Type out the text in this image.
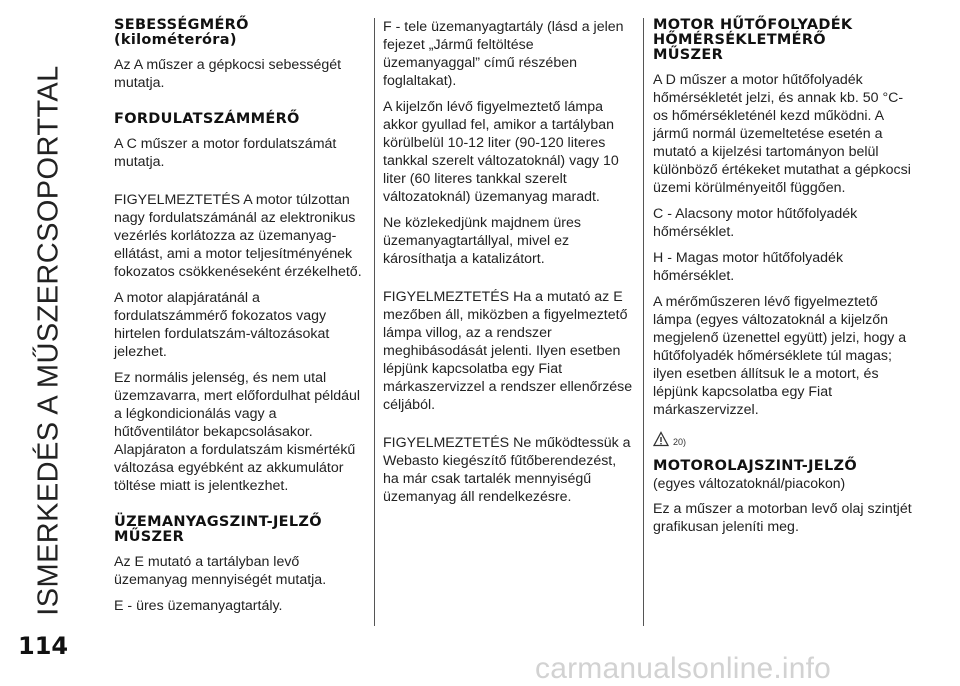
ISMERKEDÉS A MŰSZERCSOPORTTAL
SEBESSÉGMÉRŐ
(kilométeróra)

Az A műszer a gépkocsi sebességét mutatja.

FORDULATSZÁMMÉRŐ

A C műszer a motor fordulatszámát mutatja.

FIGYELMEZTETÉS A motor túlzottan nagy fordulatszámánál az elektronikus vezérlés korlátozza az üzemanyag-ellátást, ami a motor teljesítményének fokozatos csökkenéseként érzékelhető.

A motor alapjáratánál a fordulatszámmérő fokozatos vagy hirtelen fordulatszám-változásokat jelezhet.

Ez normális jelenség, és nem utal üzemzavarra, mert előfordulhat például a légkondicionálás vagy a hűtőventilátor bekapcsolásakor. Alapjáraton a fordulatszám kismértékű változása egyébként az akkumulátor töltése miatt is jelentkezhet.

ÜZEMANYAGSZINT-JELZŐ
MŰSZER

Az E mutató a tartályban levő üzemanyag mennyiségét mutatja.

E - üres üzemanyagtartály.

F - tele üzemanyagtartály (lásd a jelen fejezet „Jármű feltöltése üzemanyaggal” című részében foglaltakat).

A kijelzőn lévő figyelmeztető lámpa akkor gyullad fel, amikor a tartályban körülbelül 10-12 liter (90-120 literes tankkal szerelt változatoknál) vagy 10 liter (60 literes tankkal szerelt változatoknál) üzemanyag maradt.

Ne közlekedjünk majdnem üres üzemanyagtartállyal, mivel ez károsíthatja a katalizátort.

FIGYELMEZTETÉS Ha a mutató az E mezőben áll, miközben a figyelmeztető lámpa villog, az a rendszer meghibásodását jelenti. Ilyen esetben lépjünk kapcsolatba egy Fiat márkaszervizzel a rendszer ellenőrzése céljából.

FIGYELMEZTETÉS Ne működtessük a Webasto kiegészítő fűtőberendezést, ha már csak tartalék mennyiségű üzemanyag áll rendelkezésre.

MOTOR HŰTŐFOLYADÉK
HŐMÉRSÉKLETMÉRŐ
MŰSZER

A D műszer a motor hűtőfolyadék hőmérsékletét jelzi, és annak kb. 50 °C-os hőmérsékleténél kezd működni. A jármű normál üzemeltetése esetén a mutató a kijelzési tartományon belül különböző értékeket mutathat a gépkocsi üzemi körülményeitől függően.

C - Alacsony motor hűtőfolyadék hőmérséklet.

H - Magas motor hűtőfolyadék hőmérséklet.

A mérőműszeren lévő figyelmeztető lámpa (egyes változatoknál a kijelzőn megjelenő üzenettel együtt) jelzi, hogy a hűtőfolyadék hőmérséklete túl magas; ilyen esetben állítsuk le a motort, és lépjünk kapcsolatba egy Fiat márkaszervizzel.

20)
MOTOROLAJSZINT-JELZŐ

(egyes változatoknál/piacokon)

Ez a műszer a motorban levő olaj szintjét grafikusan jeleníti meg.

114
carmanualsonline.info
